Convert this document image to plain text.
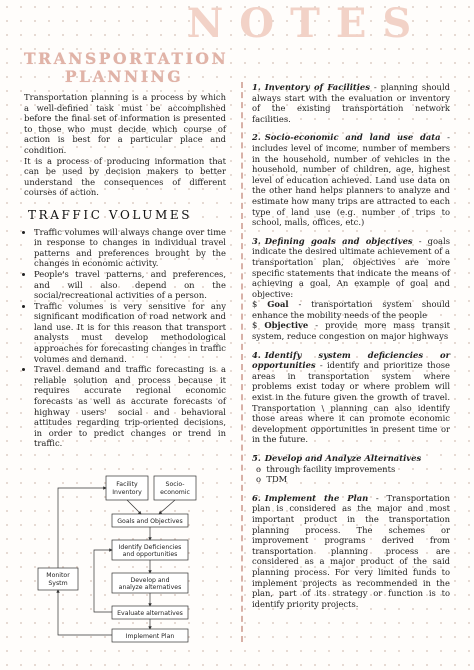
NOTES
TRANSPORTATION
PLANNING

Transportation planning is a process by which a well-defined task must be accomplished before the final set of information is presented to those who must decide which course of action is best for a particular place and condition.

It is a process of producing information that can be used by decision makers to better understand the consequences of different courses of action.

TRAFFIC VOLUMES
• Traffic volumes will always change over time in response to changes in individual travel patterns and preferences brought by the changes in economic activity.
• People's travel patterns, and preferences, and will also depend on the social/recreational activities of a person.
• Traffic volumes is very sensitive for any significant modification of road network and land use. It is for this reason that transport analysts must develop methodological approaches for forecasting changes in traffic volumes and demand.
• Travel demand and traffic forecasting is a reliable solution and process because it requires accurate regional economic forecasts as well as accurate forecasts of highway users' social and behavioral attitudes regarding trip-oriented decisions, in order to predict changes or trend in traffic.
Facility
Inventory
Socio-
economic
Goals and Objectives
Identify Deficiencies
and opportunities
Develop and
analyze alternatives
Evaluate alternatives
Implement Plan
Monitor
Systm
1. Inventory of Facilities - planning should always start with the evaluation or inventory of the existing transportation network facilities.
2. Socio-economic and land use data - includes level of income, number of members in the household, number of vehicles in the household, number of children, age, highest level of education achieved. Land use data on the other hand helps planners to analyze and estimate how many trips are attracted to each type of land use (e.g. number of trips to school, malls, offices, etc.)
3. Defining goals and objectives - goals indicate the desired ultimate achievement of a transportation plan, objectives are more specific statements that indicate the means of achieving a goal. An example of goal and objective:
$ Goal - transportation system should enhance the mobility needs of the people
$ Objective - provide more mass transit system, reduce congestion on major highways
4. Identify system deficiencies or opportunities - identify and prioritize those areas in transportation system where problems exist today or where problem will exist in the future given the growth of travel. Transportation \ planning can also identify those areas where it can promote economic development opportunities in present time or in the future.
5. Develop and Analyze Alternatives
o  through facility improvements
o  TDM
6. Implement the Plan - Transportation plan is considered as the major and most important product in the transportation planning process. The schemes or improvement programs derived from transportation planning process are considered as a major product of the said planning process. For very limited funds to implement projects as recommended in the plan, part of its strategy or function is to identify priority projects.
